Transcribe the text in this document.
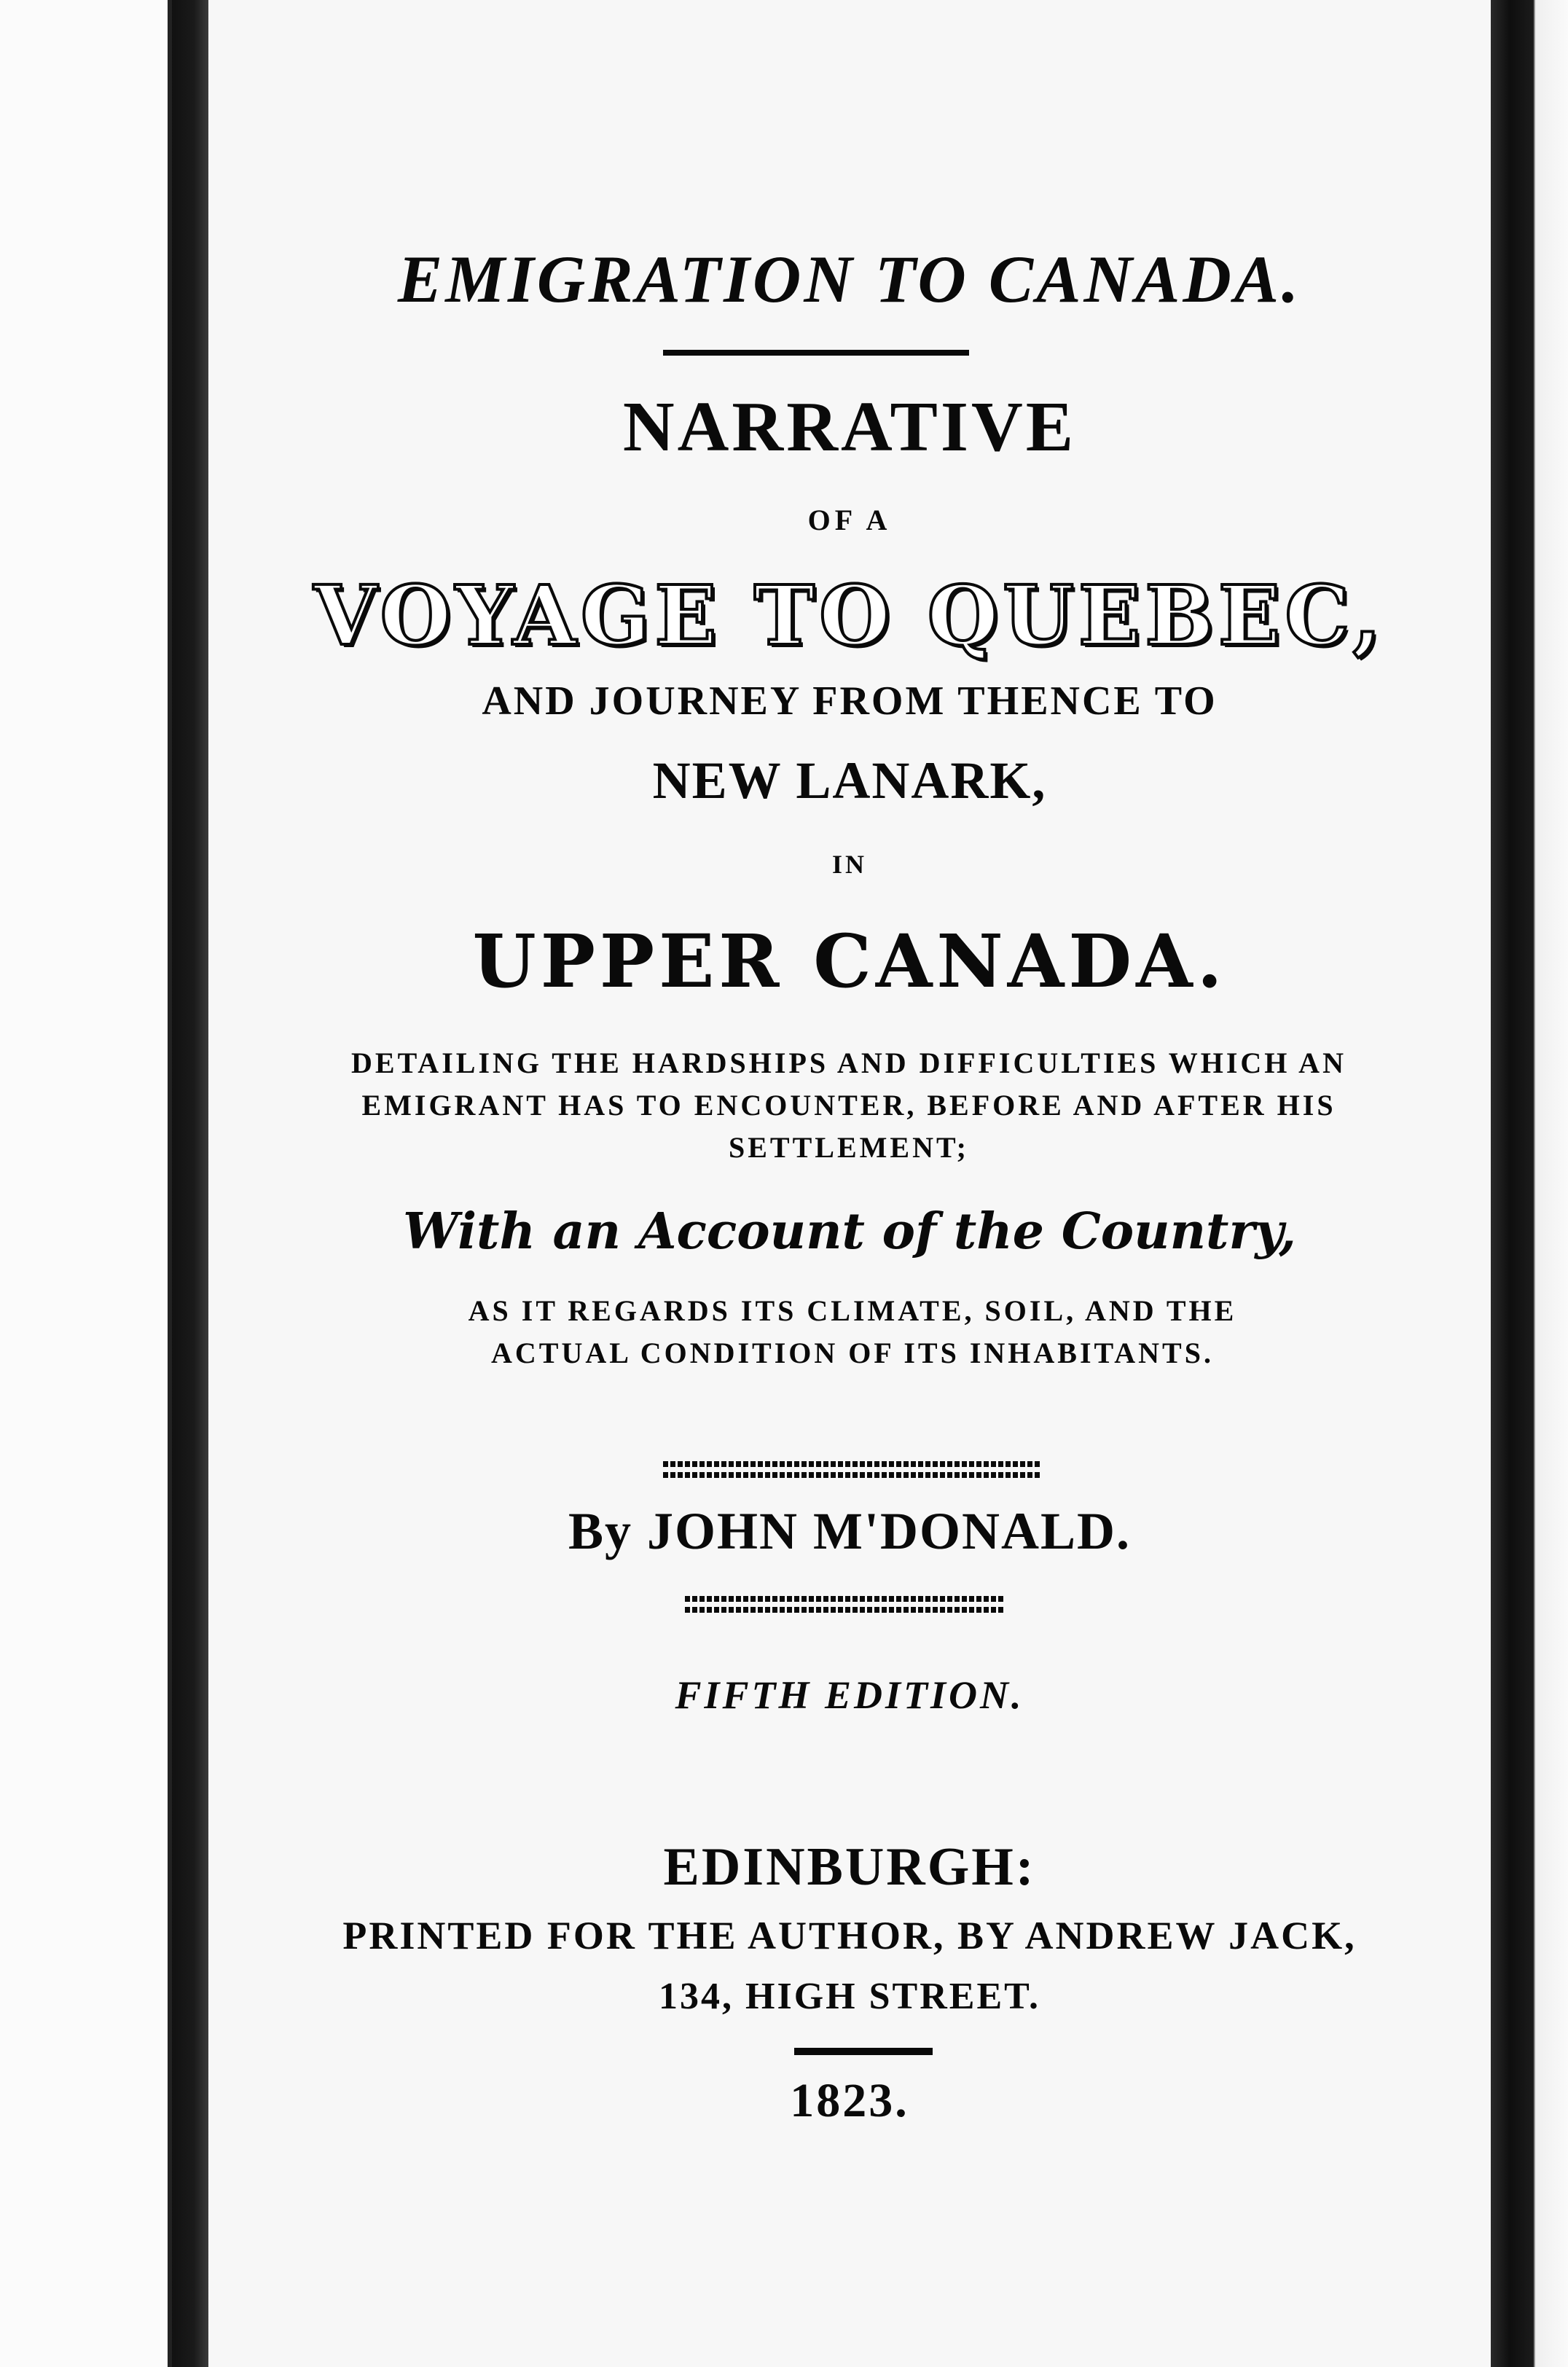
EMIGRATION TO CANADA.
NARRATIVE
OF A
VOYAGE TO QUEBEC,
AND JOURNEY FROM THENCE TO
NEW LANARK,
IN
UPPER CANADA.
DETAILING THE HARDSHIPS AND DIFFICULTIES WHICH AN EMIGRANT HAS TO ENCOUNTER, BEFORE AND AFTER HIS SETTLEMENT;
With an Account of the Country,
AS IT REGARDS ITS CLIMATE, SOIL, AND THE ACTUAL CONDITION OF ITS INHABITANTS.
By JOHN M'DONALD.
FIFTH EDITION.
EDINBURGH:
PRINTED FOR THE AUTHOR, BY ANDREW JACK,
134, HIGH STREET.
1823.
